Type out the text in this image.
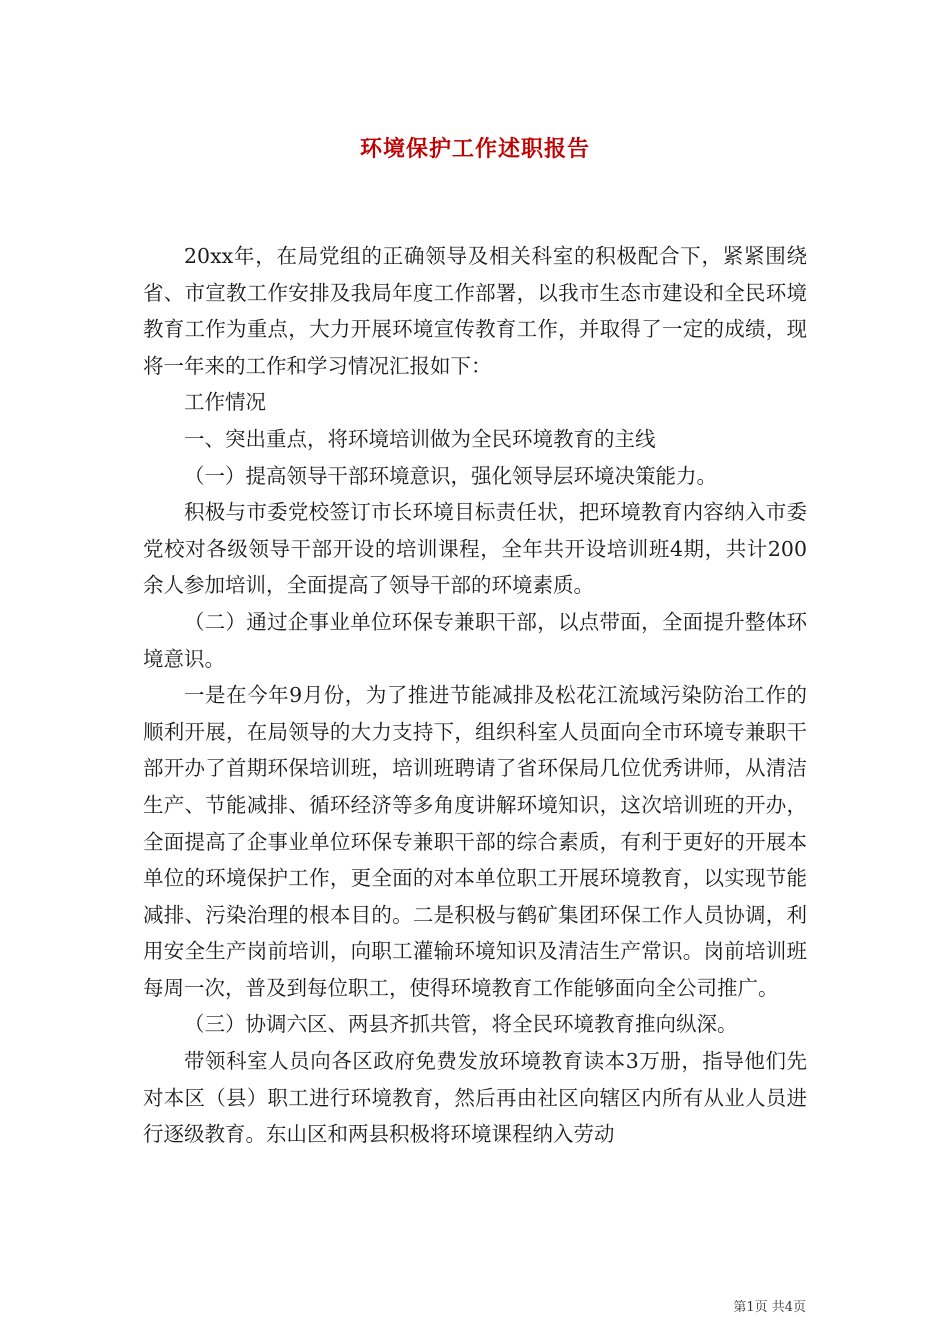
环境保护工作述职报告

20xx年，在局党组的正确领导及相关科室的积极配合下，紧紧围绕省、市宣教工作安排及我局年度工作部署，以我市生态市建设和全民环境教育工作为重点，大力开展环境宣传教育工作，并取得了一定的成绩，现将一年来的工作和学习情况汇报如下：

工作情况

一、突出重点，将环境培训做为全民环境教育的主线

（一）提高领导干部环境意识，强化领导层环境决策能力。

积极与市委党校签订市长环境目标责任状，把环境教育内容纳入市委党校对各级领导干部开设的培训课程，全年共开设培训班4期，共计200余人参加培训，全面提高了领导干部的环境素质。

（二）通过企事业单位环保专兼职干部，以点带面，全面提升整体环境意识。

一是在今年9月份，为了推进节能减排及松花江流域污染防治工作的顺利开展，在局领导的大力支持下，组织科室人员面向全市环境专兼职干部开办了首期环保培训班，培训班聘请了省环保局几位优秀讲师，从清洁生产、节能减排、循环经济等多角度讲解环境知识，这次培训班的开办，全面提高了企事业单位环保专兼职干部的综合素质，有利于更好的开展本单位的环境保护工作，更全面的对本单位职工开展环境教育，以实现节能减排、污染治理的根本目的。二是积极与鹤矿集团环保工作人员协调，利用安全生产岗前培训，向职工灌输环境知识及清洁生产常识。岗前培训班每周一次，普及到每位职工，使得环境教育工作能够面向全公司推广。

（三）协调六区、两县齐抓共管，将全民环境教育推向纵深。

带领科室人员向各区政府免费发放环境教育读本3万册，指导他们先对本区（县）职工进行环境教育，然后再由社区向辖区内所有从业人员进行逐级教育。东山区和两县积极将环境课程纳入劳动

第1页 共4页
